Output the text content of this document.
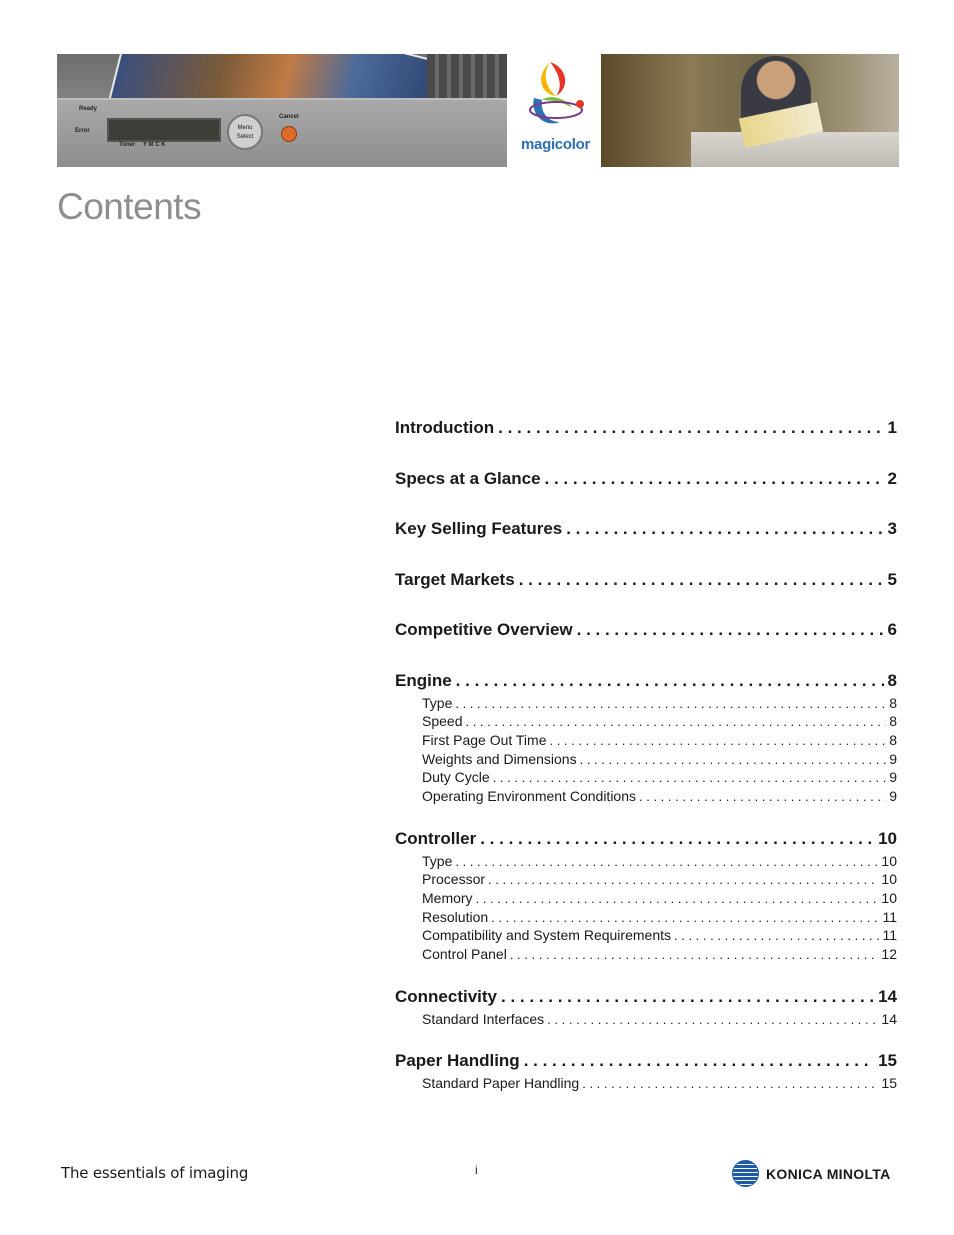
Ready
Error
Toner Y M C K
Menu Select
Cancel
magicolor
Contents
Introduction . . .	1
Specs at a Glance . . .	2
Key Selling Features . . .	3
Target Markets . . .	5
Competitive Overview . . .	6
Engine . . .	8
Type . . .	8
Speed . . .	8
First Page Out Time . . .	8
Weights and Dimensions . . .	9
Duty Cycle . . .	9
Operating Environment Conditions . . .	9
Controller . . .	10
Type . . .	10
Processor . . .	10
Memory . . .	10
Resolution . . .	11
Compatibility and System Requirements . . .	11
Control Panel . . .	12
Connectivity . . .	14
Standard Interfaces . . .	14
Paper Handling . . .	15
Standard Paper Handling . . .	15
The essentials of imaging	i	KONICA MINOLTA
